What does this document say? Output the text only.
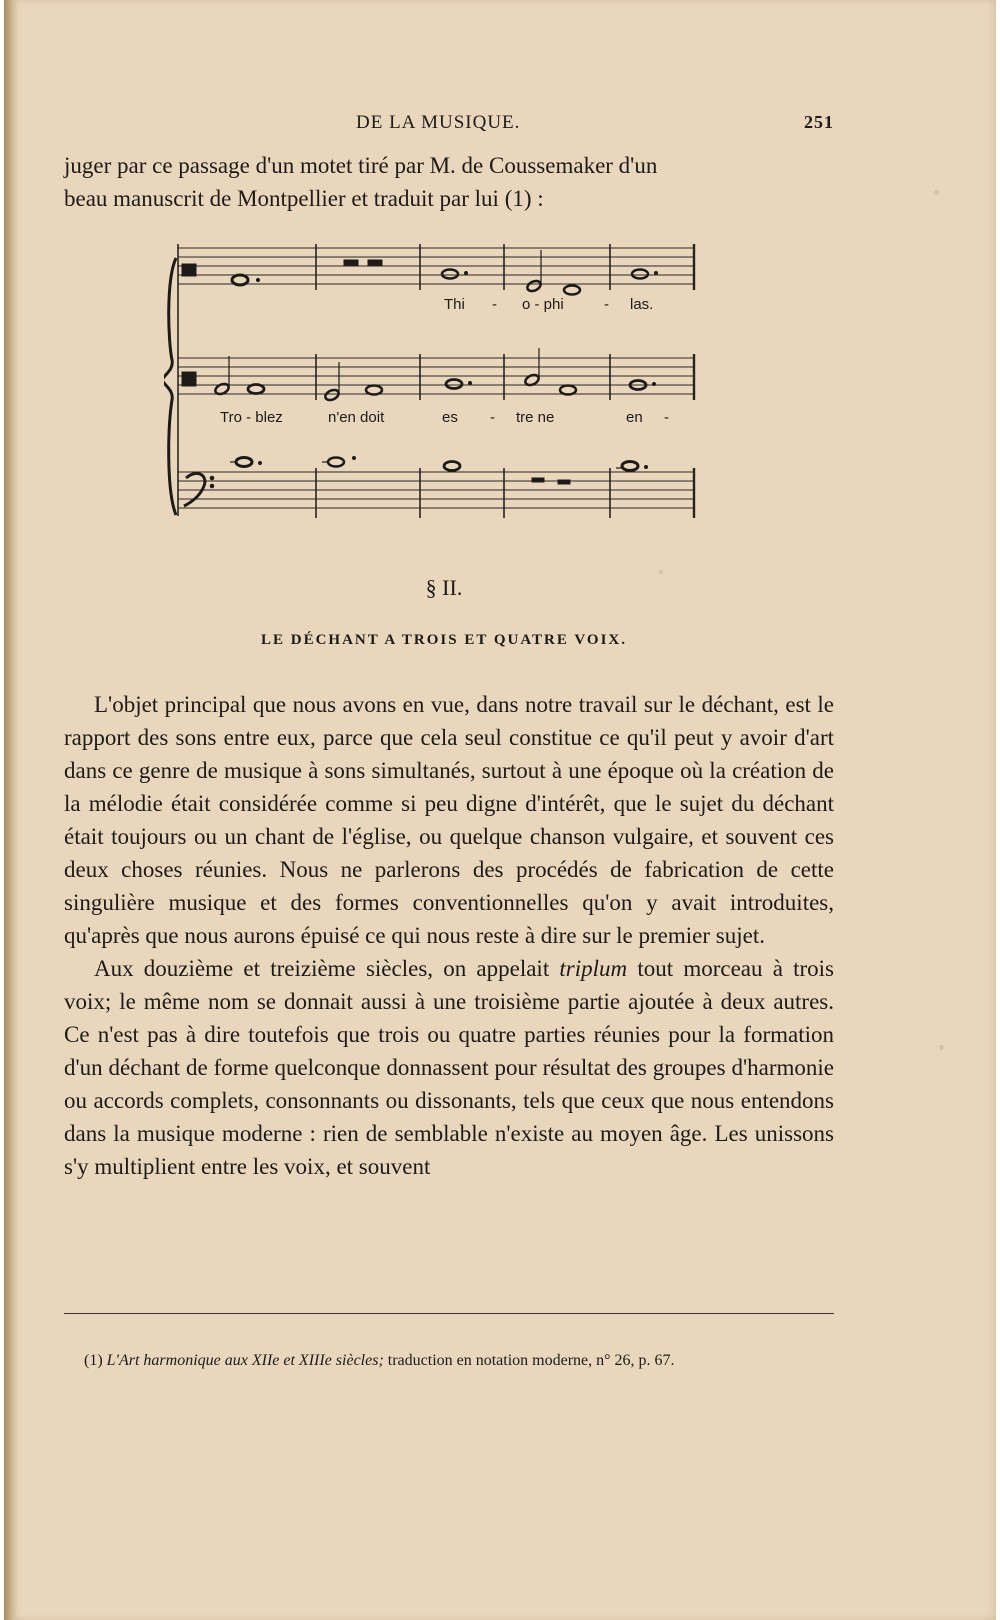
DE LA MUSIQUE.	251

juger par ce passage d'un motet tiré par M. de Coussemaker d'un
beau manuscrit de Montpellier et traduit par lui (1) :

Thi - o - phi	- las.
Tro - blez	n'en doit	es - tre ne	en -
§ II.
LE DÉCHANT A TROIS ET QUATRE VOIX.

L'objet principal que nous avons en vue, dans notre travail sur le déchant, est le rapport des sons entre eux, parce que cela seul constitue ce qu'il peut y avoir d'art dans ce genre de musique à sons simultanés, surtout à une époque où la création de la mélodie était considérée comme si peu digne d'intérêt, que le sujet du déchant était toujours ou un chant de l'église, ou quelque chanson vulgaire, et souvent ces deux choses réunies. Nous ne parlerons des procédés de fabrication de cette singulière musique et des formes conventionnelles qu'on y avait introduites, qu'après que nous aurons épuisé ce qui nous reste à dire sur le premier sujet.

Aux douzième et treizième siècles, on appelait triplum tout morceau à trois voix; le même nom se donnait aussi à une troisième partie ajoutée à deux autres. Ce n'est pas à dire toutefois que trois ou quatre parties réunies pour la formation d'un déchant de forme quelconque donnassent pour résultat des groupes d'harmonie ou accords complets, consonnants ou dissonants, tels que ceux que nous entendons dans la musique moderne : rien de semblable n'existe au moyen âge. Les unissons s'y multiplient entre les voix, et souvent

(1) L'Art harmonique aux XIIe et XIIIe siècles; traduction en notation moderne, n° 26, p. 67.
